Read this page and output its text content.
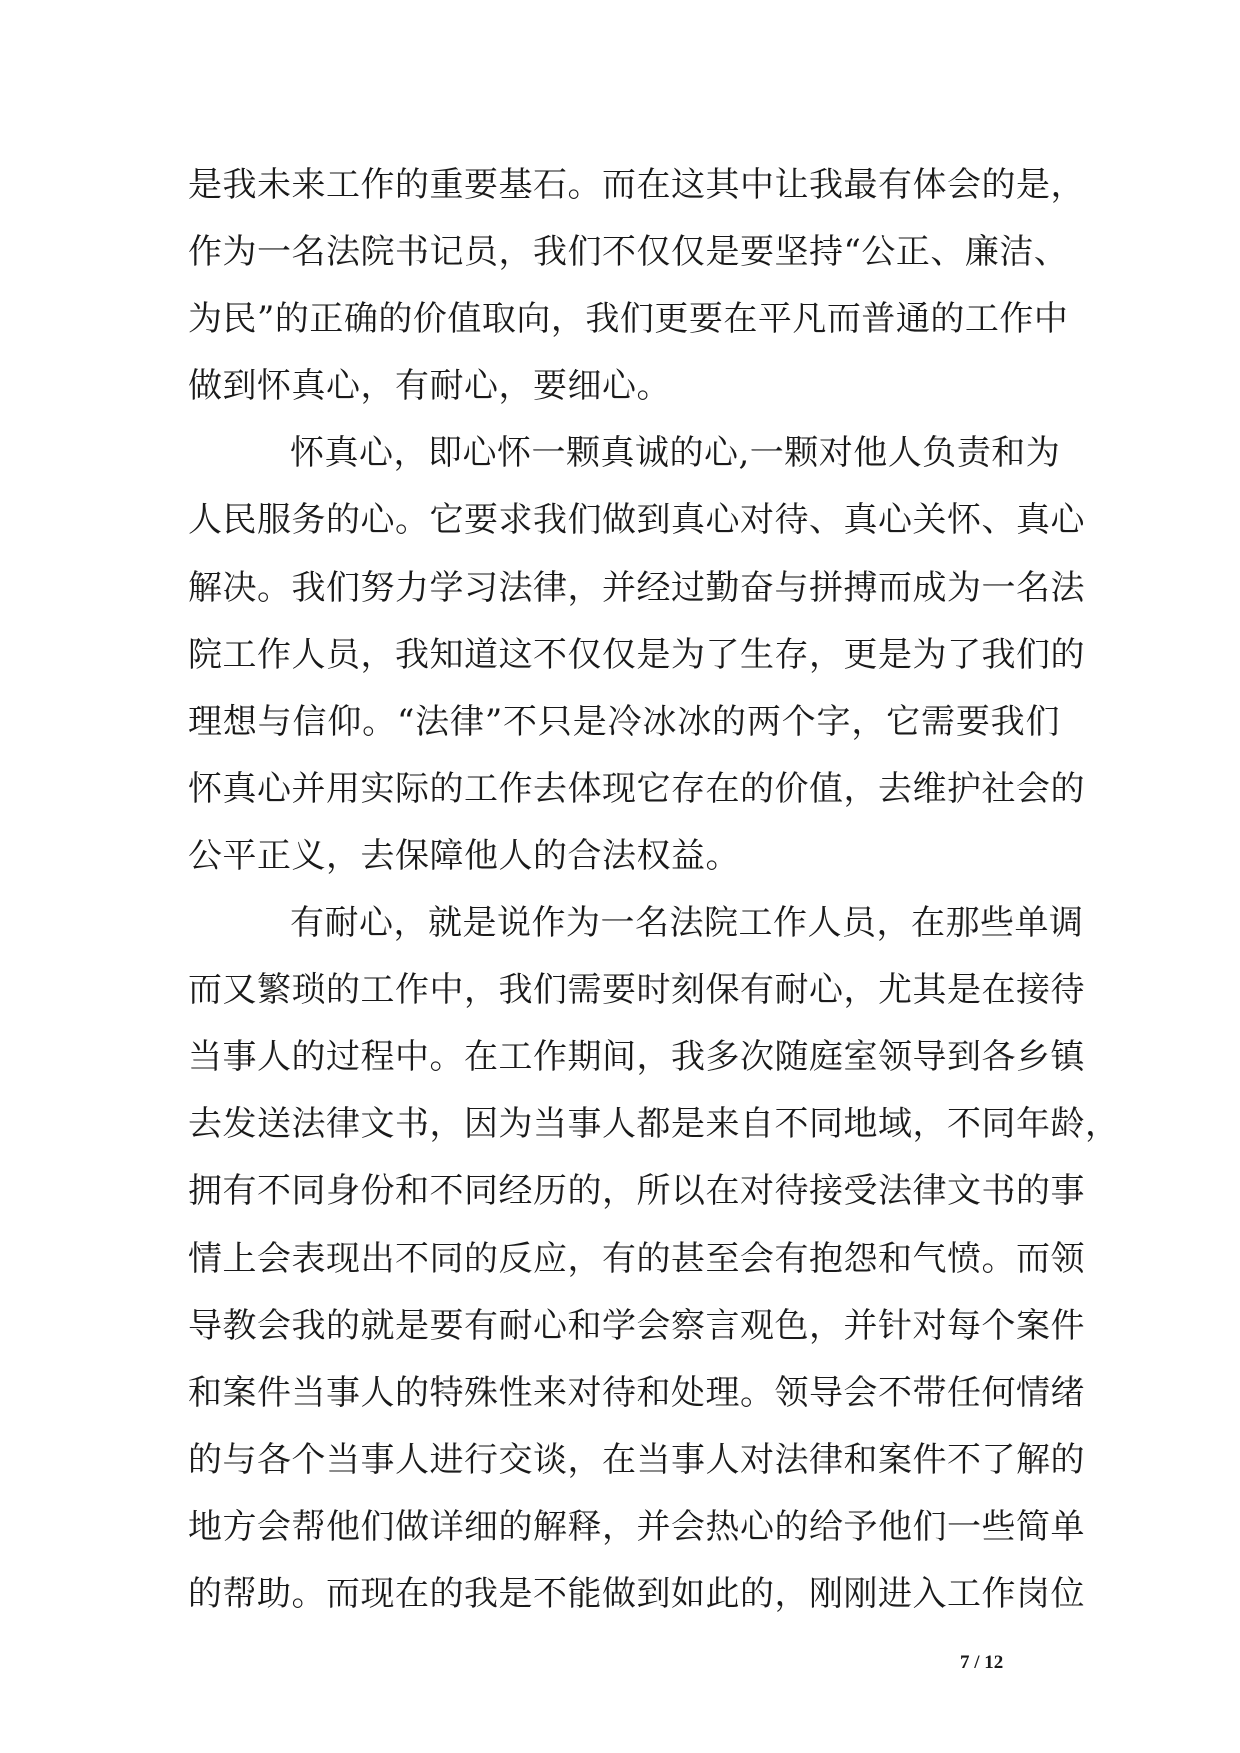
是我未来工作的重要基石。而在这其中让我最有体会的是，
作为一名法院书记员，我们不仅仅是要坚持“公正、廉洁、
为民”的正确的价值取向，我们更要在平凡而普通的工作中
做到怀真心，有耐心，要细心。
怀真心，即心怀一颗真诚的心,一颗对他人负责和为
人民服务的心。它要求我们做到真心对待、真心关怀、真心
解决。我们努力学习法律，并经过勤奋与拼搏而成为一名法
院工作人员，我知道这不仅仅是为了生存，更是为了我们的
理想与信仰。“法律”不只是冷冰冰的两个字，它需要我们
怀真心并用实际的工作去体现它存在的价值，去维护社会的
公平正义，去保障他人的合法权益。
有耐心，就是说作为一名法院工作人员，在那些单调
而又繁琐的工作中，我们需要时刻保有耐心，尤其是在接待
当事人的过程中。在工作期间，我多次随庭室领导到各乡镇
去发送法律文书，因为当事人都是来自不同地域，不同年龄，
拥有不同身份和不同经历的，所以在对待接受法律文书的事
情上会表现出不同的反应，有的甚至会有抱怨和气愤。而领
导教会我的就是要有耐心和学会察言观色，并针对每个案件
和案件当事人的特殊性来对待和处理。领导会不带任何情绪
的与各个当事人进行交谈，在当事人对法律和案件不了解的
地方会帮他们做详细的解释，并会热心的给予他们一些简单
的帮助。而现在的我是不能做到如此的，刚刚进入工作岗位
7 / 12
